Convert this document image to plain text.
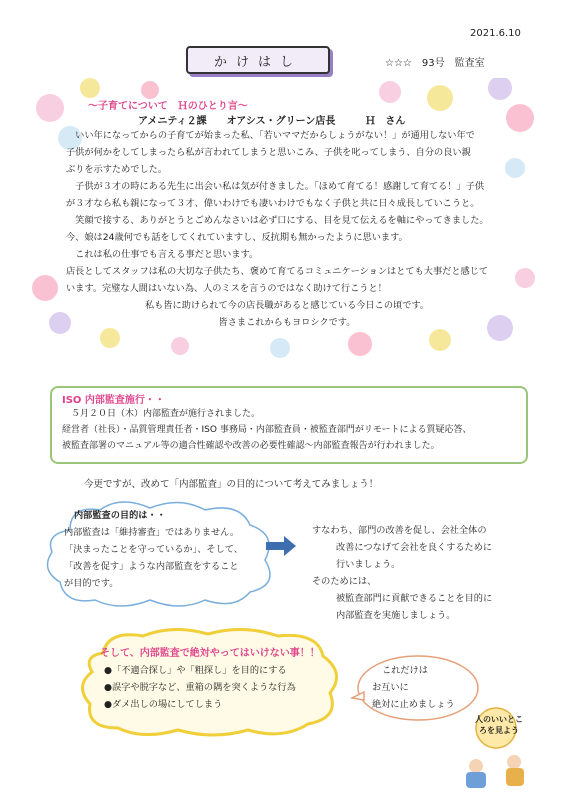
2021.6.10
かけはし	☆☆☆　93号　監査室
～子育てについて　Ｈのひとり言～
アメニティ２課　　オアシス・グリーン店長　　　Ｈ　さん

　いい年になってからの子育てが始まった私、「若いママだからしょうがない！」が通用しない年で

子供が何かをしてしまったら私が言われてしまうと思いこみ、子供を叱ってしまう、自分の良い親

ぶりを示すためでした。

　子供が３才の時にある先生に出会い私は気が付きました。「ほめて育てる！感謝して育てる！」子供

が３才なら私も親になって３才、偉いわけでも凄いわけでもなく子供と共に日々成長していこうと。

　笑顔で接する、ありがとうとごめんなさいは必ず口にする、目を見て伝えるを軸にやってきました。

今、娘は24歳何でも話をしてくれていますし、反抗期も無かったように思います。

　これは私の仕事でも言える事だと思います。

店長としてスタッフは私の大切な子供たち、褒めて育てるコミュニケーションはとても大事だと感じて

います。完璧な人間はいない為、人のミスを言うのではなく助けて行こうと！

私も皆に助けられて今の店長職があると感じている今日この頃です。

皆さまこれからもヨロシクです。

ISO 内部監査施行・・

　５月２０日（木）内部監査が施行されました。

経営者（社長）・品質管理責任者・ISO 事務局・内部監査員・被監査部門がリモートによる質疑応答、

被監査部署のマニュアル等の適合性確認や改善の必要性確認～内部監査報告が行われました。

今更ですが、改めて「内部監査」の目的について考えてみましょう！

内部監査の目的は・・

内部監査は「維持審査」ではありません。

「決まったことを守っているか」、そして、

「改善を促す」ような内部監査をすること

が目的です。

すなわち、部門の改善を促し、会社全体の

改善につなげて会社を良くするために

行いましょう。

そのためには、

被監査部門に貢献できることを目的に

内部監査を実施しましょう。

そして、内部監査で絶対やってはいけない事！！

●「不適合探し」や「粗探し」を目的にする

●誤字や脱字など、重箱の隅を突くような行為

●ダメ出しの場にしてしまう

これだけは

お互いに

絶対に止めましょう

人のいいところを見よう
